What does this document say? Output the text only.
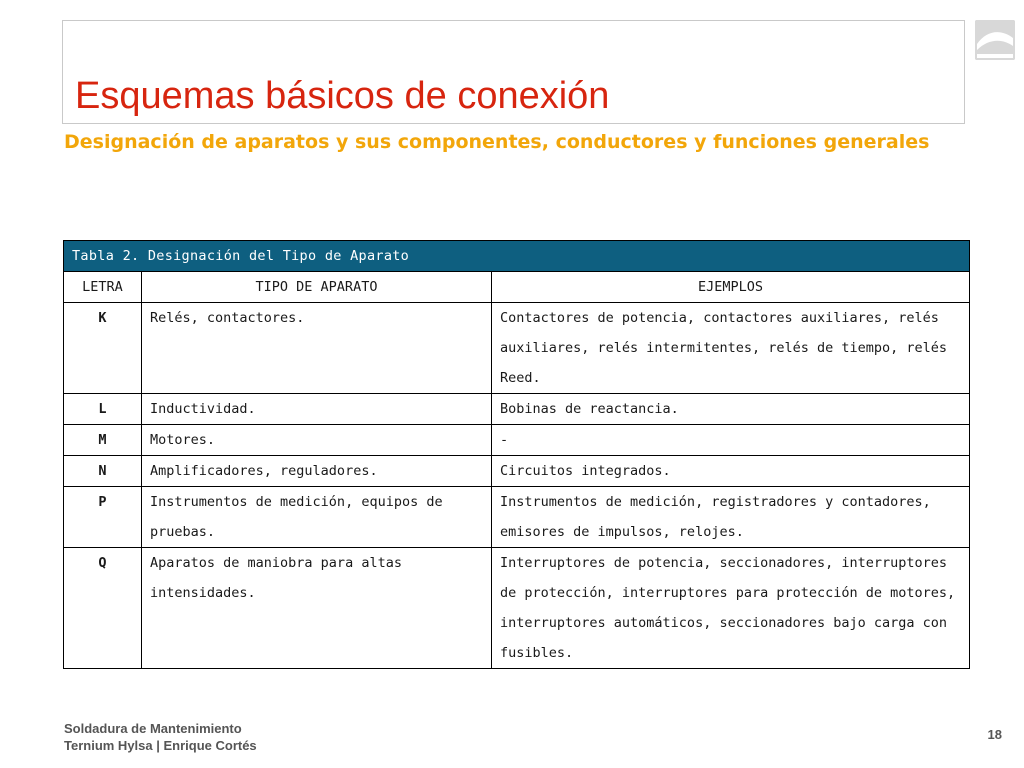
Esquemas básicos de conexión
Designación de aparatos y sus componentes, conductores y funciones generales
Tabla 2. Designación del Tipo de Aparato		
LETRA	TIPO DE APARATO	EJEMPLOS
K	Relés, contactores.	Contactores de potencia, contactores auxiliares, relés auxiliares, relés intermitentes, relés de tiempo, relés Reed.
L	Inductividad.	Bobinas de reactancia.
M	Motores.	-
N	Amplificadores, reguladores.	Circuitos integrados.
P	Instrumentos de medición, equipos de pruebas.	Instrumentos de medición, registradores y contadores, emisores de impulsos, relojes.
Q	Aparatos de maniobra para altas intensidades.	Interruptores de potencia, seccionadores, interruptores de protección, interruptores para protección de motores, interruptores automáticos, seccionadores bajo carga con fusibles.
Soldadura de Mantenimiento
Ternium Hylsa | Enrique Cortés
18
